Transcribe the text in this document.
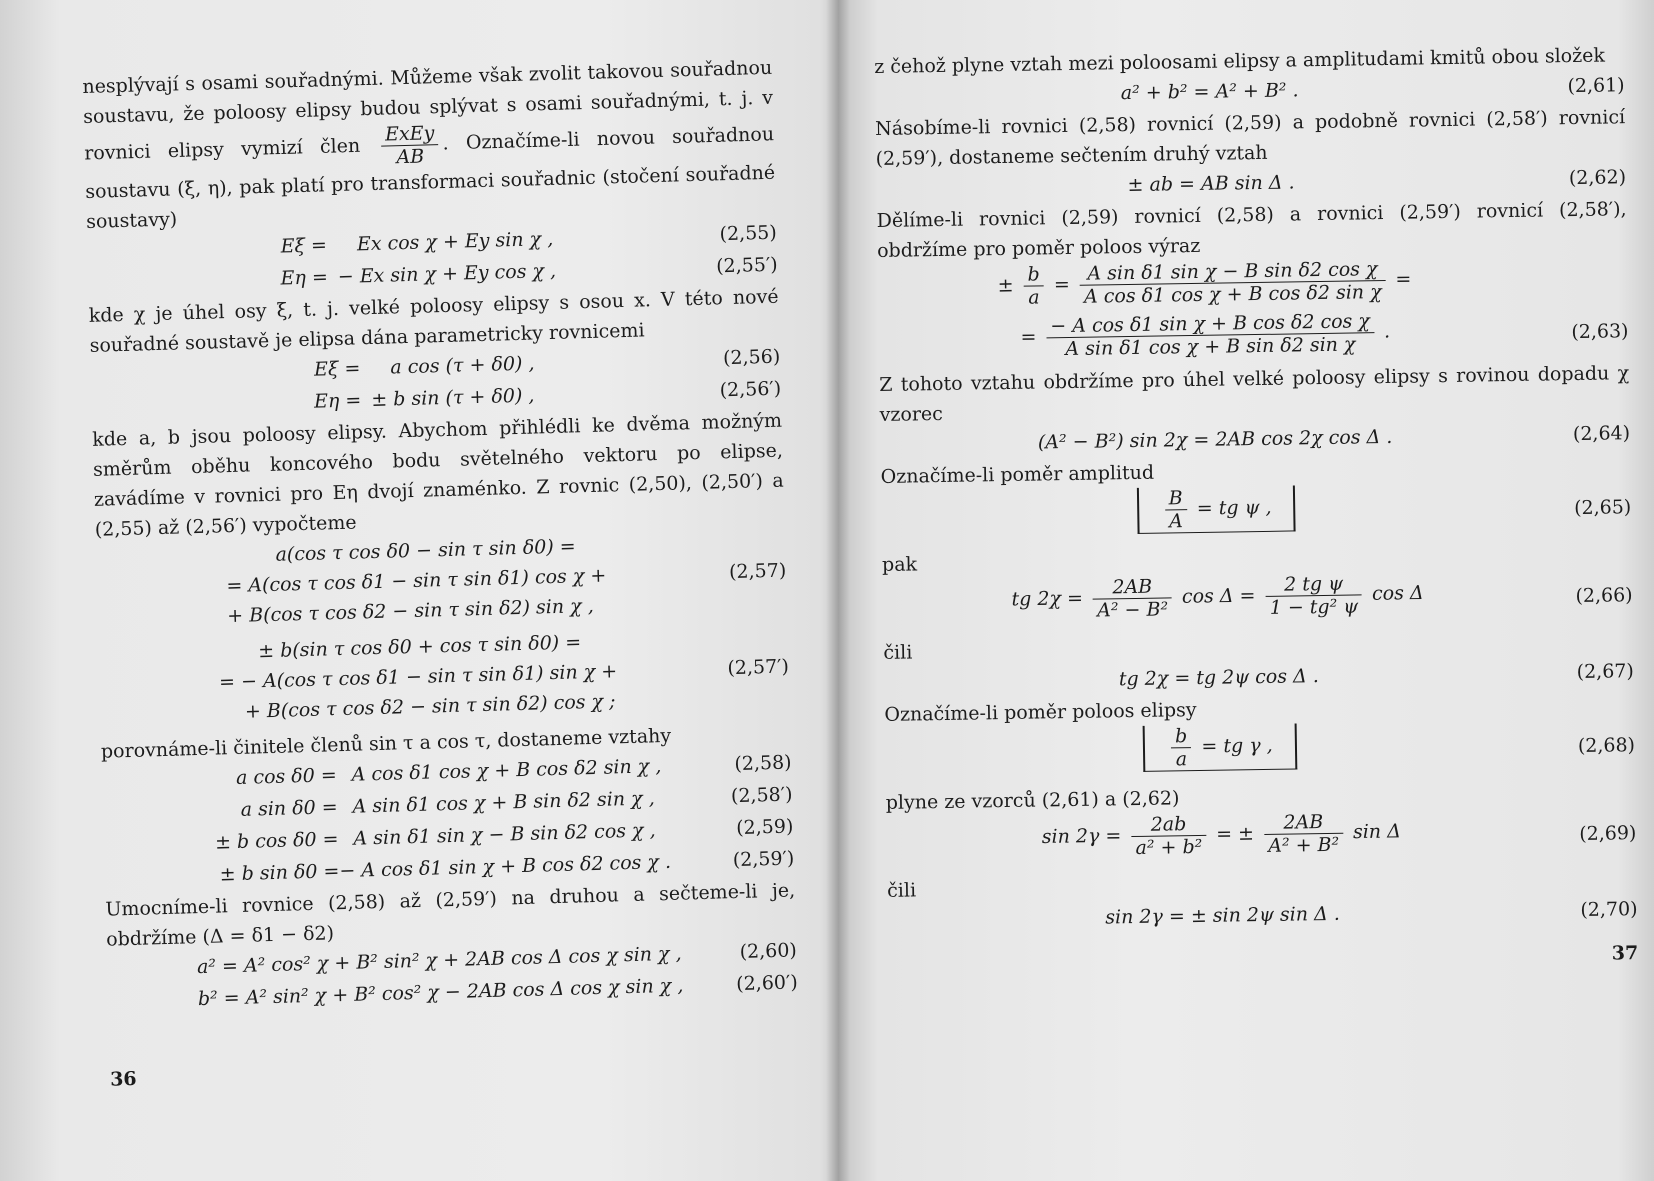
nesplývají s osami souřadnými. Můžeme však zvolit takovou souřadnou soustavu, že poloosy elipsy budou splývat s osami souřadnými, t. j. v rovnici elipsy vymizí člen $\frac{\text{ExEy}}{AB}$ . Označíme-li novou souřadnou soustavu (ξ, η), pak platí pro transformaci souřadnic (stočení souřadné soustavy)

Eξ = Ex cos χ + Ey sin χ ,	(2,55)
Eη = − Ex sin χ + Ey cos χ ,	(2,55′)

kde χ je úhel osy ξ, t. j. velké poloosy elipsy s osou x. V této nové souřadné soustavě je elipsa dána parametricky rovnicemi

Eξ = a cos (τ + δ0) ,	(2,56)
Eη = ± b sin (τ + δ0) ,	(2,56′)

kde a, b jsou poloosy elipsy. Abychom přihlédli ke dvěma možným směrům oběhu koncového bodu světelného vektoru po elipse, zavádíme v rovnici pro Eη dvojí znaménko. Z rovnic (2,50), (2,50′) a (2,55) až (2,56′) vypočteme

a(cos τ cos δ0 − sin τ sin δ0) =
= A(cos τ cos δ1 − sin τ sin δ1) cos χ +
+ B(cos τ cos δ2 − sin τ sin δ2) sin χ ,
(2,57)
± b(sin τ cos δ0 + cos τ sin δ0) =
= − A(cos τ cos δ1 − sin τ sin δ1) sin χ +
+ B(cos τ cos δ2 − sin τ sin δ2) cos χ ;
(2,57′)

porovnáme-li činitele členů sin τ a cos τ, dostaneme vztahy

a cos δ0 = A cos δ1 cos χ + B cos δ2 sin χ ,	(2,58)
a sin δ0 = A sin δ1 cos χ + B sin δ2 sin χ ,	(2,58′)
± b cos δ0 = A sin δ1 sin χ − B sin δ2 cos χ ,	(2,59)
± b sin δ0 = − A cos δ1 sin χ + B cos δ2 cos χ .	(2,59′)

Umocníme-li rovnice (2,58) až (2,59′) na druhou a sečteme-li je, obdržíme (Δ = δ1 − δ2)

a² = A² cos² χ + B² sin² χ + 2AB cos Δ cos χ sin χ ,	(2,60)
b² = A² sin² χ + B² cos² χ − 2AB cos Δ cos χ sin χ ,	(2,60′)
36

z čehož plyne vztah mezi poloosami elipsy a amplitudami kmitů obou složek

a² + b² = A² + B² .	(2,61)

Násobíme-li rovnici (2,58) rovnicí (2,59) a podobně rovnici (2,58′) rovnicí (2,59′), dostaneme sečtením druhý vztah

± ab = AB sin Δ .	(2,62)

Dělíme-li rovnici (2,59) rovnicí (2,58) a rovnici (2,59′) rovnicí (2,58′), obdržíme pro poměr poloos výraz

± $\frac{b}{a} = \frac{\text{A sin δ1 sin χ − B sin δ2 cos χ}}{\text{A cos δ1 cos χ + B cos δ2 sin χ}}$ =
= $\frac{\text{− A cos δ1 sin χ + B cos δ2 cos χ}}{\text{A sin δ1 cos χ + B sin δ2 sin χ}}$ .	(2,63)

Z tohoto vztahu obdržíme pro úhel velké poloosy elipsy s rovinou dopadu χ vzorec

(A² − B²) sin 2χ = 2AB cos 2χ cos Δ .	(2,64)

Označíme-li poměr amplitud

$\frac{B}{A}$ = tg ψ ,	(2,65)

pak

tg $2\chi = \frac{2AB}{\text{A² − B²}}$ $\cos \Delta = \frac{\text{2 tg ψ}}{\text{1 − tg² ψ}}$ cos Δ	(2,66)

čili

tg 2χ = tg 2ψ cos Δ .	(2,67)

Označíme-li poměr poloos elipsy

$\frac{b}{a}$ = tg γ ,	(2,68)

plyne ze vzorců (2,61) a (2,62)

$\sin 2\gamma = \frac{2ab}{\text{a² + b²}}$ = ± $\frac{2AB}{\text{A² + B²}}$ sin Δ	(2,69)

čili

sin 2γ = ± sin 2ψ sin Δ .	(2,70)
37
